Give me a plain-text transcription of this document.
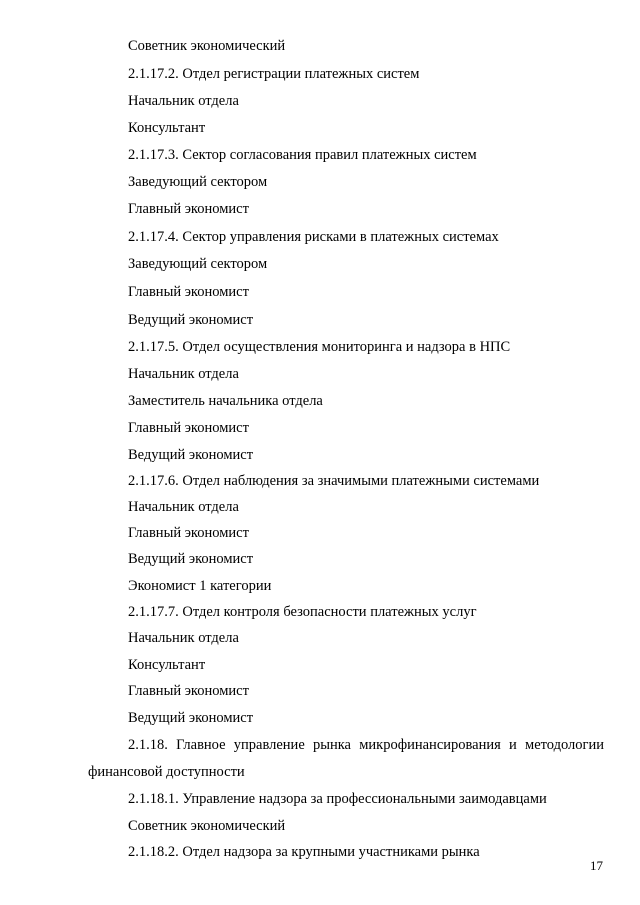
Советник экономический
2.1.17.2. Отдел регистрации платежных систем
Начальник отдела
Консультант
2.1.17.3. Сектор согласования правил платежных систем
Заведующий сектором
Главный экономист
2.1.17.4. Сектор управления рисками в платежных системах
Заведующий сектором
Главный экономист
Ведущий экономист
2.1.17.5. Отдел осуществления мониторинга и надзора в НПС
Начальник отдела
Заместитель начальника отдела
Главный экономист
Ведущий экономист
2.1.17.6. Отдел наблюдения за значимыми платежными системами
Начальник отдела
Главный экономист
Ведущий экономист
Экономист 1 категории
2.1.17.7. Отдел контроля безопасности платежных услуг
Начальник отдела
Консультант
Главный экономист
Ведущий экономист
2.1.18. Главное управление рынка микрофинансирования и методологии
финансовой доступности
2.1.18.1. Управление надзора за профессиональными заимодавцами
Советник экономический
2.1.18.2. Отдел надзора за крупными участниками рынка
17
